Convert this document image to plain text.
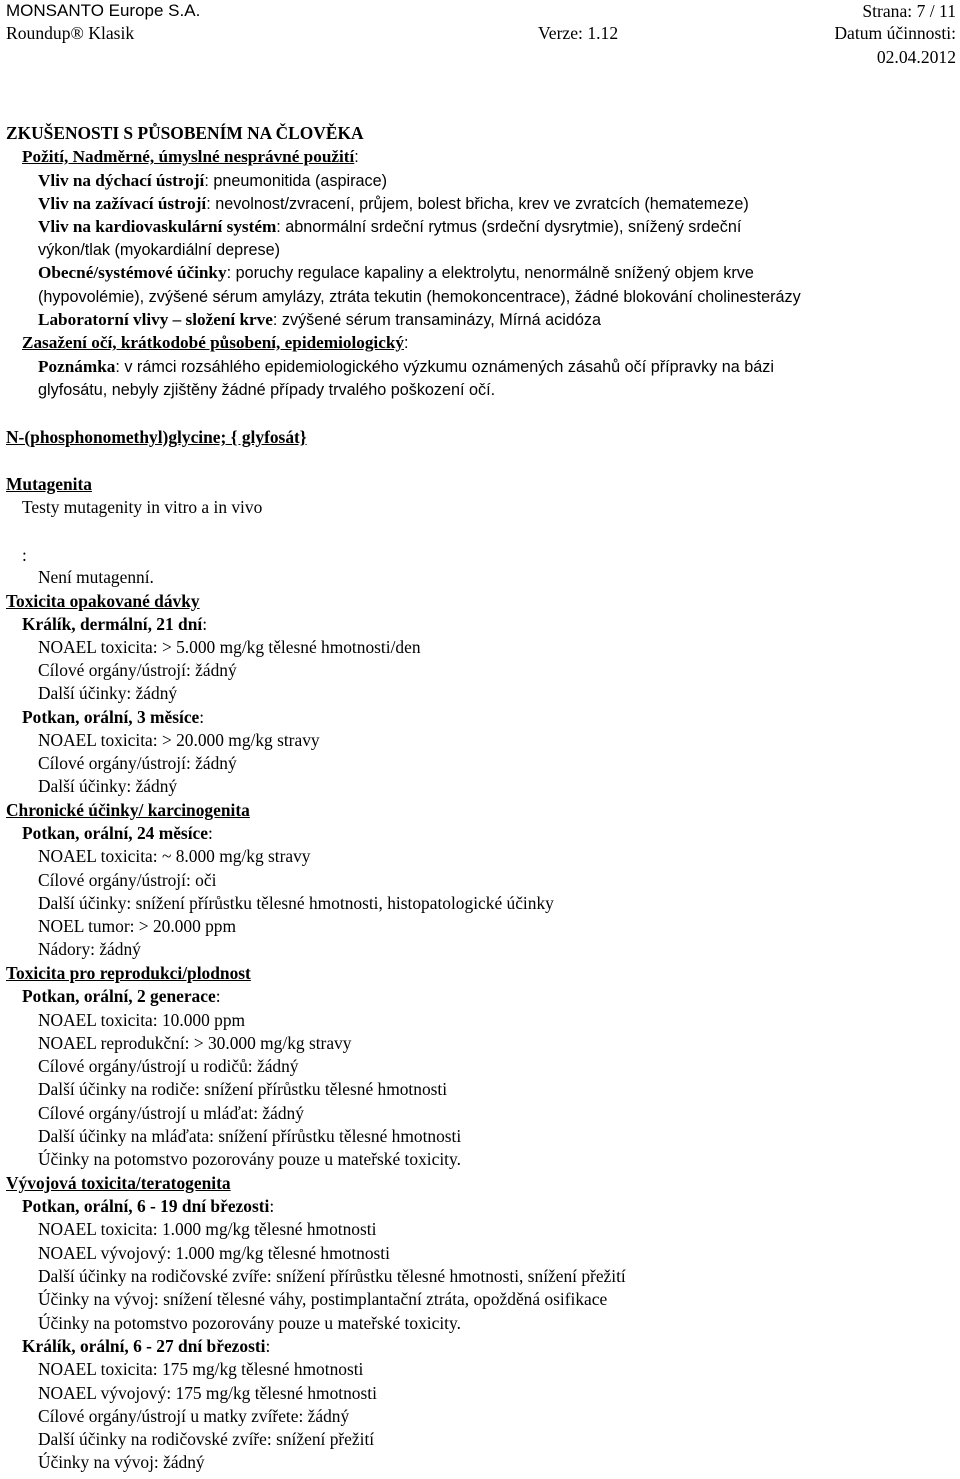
MONSANTO Europe S.A.	Strana: 7 / 11
Roundup® Klasik	Verze: 1.12	Datum účinnosti:
02.04.2012
ZKUŠENOSTI S PŮSOBENÍM NA ČLOVĚKA
Požití, Nadměrné, úmyslné nesprávné použití:
Vliv na dýchací ústrojí: pneumonitida (aspirace)
Vliv na zažívací ústrojí: nevolnost/zvracení, průjem, bolest břicha, krev ve zvratcích (hematemeze)
Vliv na kardiovaskulární systém: abnormální srdeční rytmus (srdeční dysrytmie), snížený srdeční
výkon/tlak (myokardiální deprese)
Obecné/systémové účinky: poruchy regulace kapaliny a elektrolytu, nenormálně snížený objem krve
(hypovolémie), zvýšené sérum amylázy, ztráta tekutin (hemokoncentrace), žádné blokování cholinesterázy
Laboratorní vlivy – složení krve: zvýšené sérum transaminázy, Mírná acidóza
Zasažení očí, krátkodobé působení, epidemiologický:
Poznámka: v rámci rozsáhlého epidemiologického výzkumu oznámených zásahů očí přípravky na bázi
glyfosátu, nebyly zjištěny žádné případy trvalého poškození očí.
N-(phosphonomethyl)glycine; { glyfosát}
Mutagenita
Testy mutagenity in vitro a in vivo
:
Není mutagenní.
Toxicita opakované dávky
Králík, dermální, 21 dní:
NOAEL toxicita: > 5.000 mg/kg tělesné hmotnosti/den
Cílové orgány/ústrojí: žádný
Další účinky: žádný
Potkan, orální, 3 měsíce:
NOAEL toxicita: > 20.000 mg/kg stravy
Cílové orgány/ústrojí: žádný
Další účinky: žádný
Chronické účinky/ karcinogenita
Potkan, orální, 24 měsíce:
NOAEL toxicita: ~ 8.000 mg/kg stravy
Cílové orgány/ústrojí: oči
Další účinky: snížení přírůstku tělesné hmotnosti, histopatologické účinky
NOEL tumor: > 20.000 ppm
Nádory: žádný
Toxicita pro reprodukci/plodnost
Potkan, orální, 2 generace:
NOAEL toxicita: 10.000 ppm
NOAEL reprodukční: > 30.000 mg/kg stravy
Cílové orgány/ústrojí u rodičů: žádný
Další účinky na rodiče: snížení přírůstku tělesné hmotnosti
Cílové orgány/ústrojí u mláďat: žádný
Další účinky na mláďata: snížení přírůstku tělesné hmotnosti
Účinky na potomstvo pozorovány pouze u mateřské toxicity.
Vývojová toxicita/teratogenita
Potkan, orální, 6 - 19 dní březosti:
NOAEL toxicita: 1.000 mg/kg tělesné hmotnosti
NOAEL vývojový: 1.000 mg/kg tělesné hmotnosti
Další účinky na rodičovské zvíře: snížení přírůstku tělesné hmotnosti, snížení přežití
Účinky na vývoj: snížení tělesné váhy, postimplantační ztráta, opožděná osifikace
Účinky na potomstvo pozorovány pouze u mateřské toxicity.
Králík, orální, 6 - 27 dní březosti:
NOAEL toxicita: 175 mg/kg tělesné hmotnosti
NOAEL vývojový: 175 mg/kg tělesné hmotnosti
Cílové orgány/ústrojí u matky zvířete: žádný
Další účinky na rodičovské zvíře: snížení přežití
Účinky na vývoj: žádný
